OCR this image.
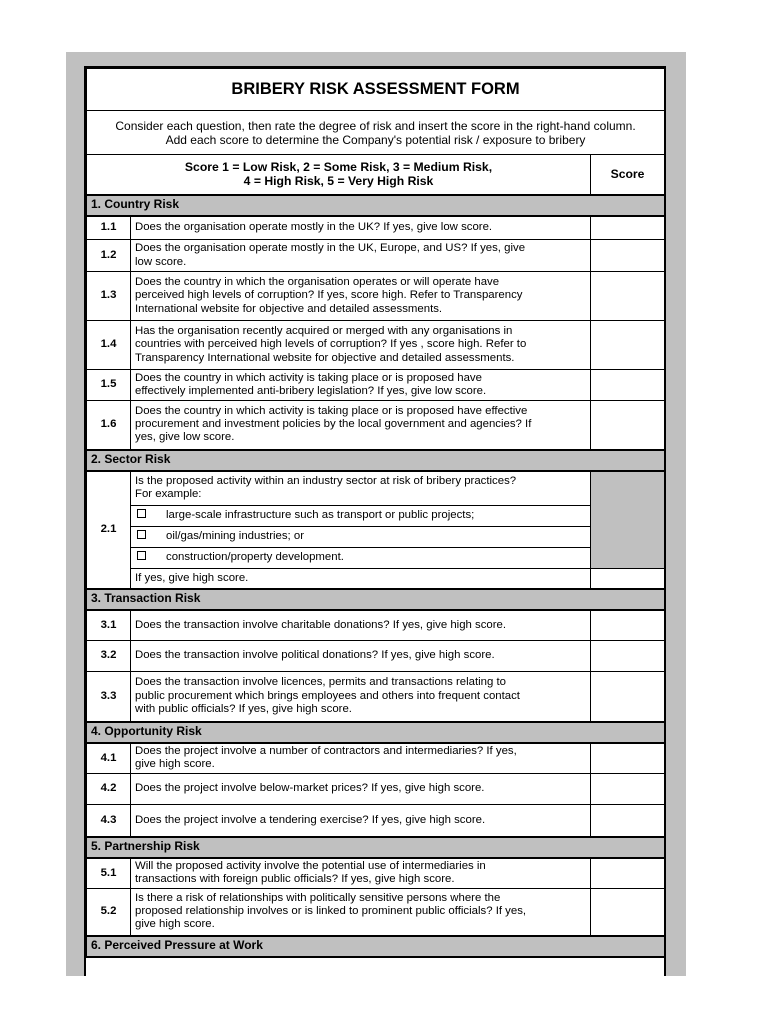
BRIBERY RISK ASSESSMENT FORM		

Consider each question, then rate the degree of risk and insert the score in the right-hand column.
Add each score to determine the Company's potential risk / exposure to bribery		

Score 1 = Low Risk, 2 = Some Risk, 3 = Medium Risk,
4 = High Risk, 5 = Very High Risk		Score
1. Country Risk		
1.1	Does the organisation operate mostly in the UK? If yes, give low score.	

1.2	Does the organisation operate mostly in the UK, Europe, and US? If yes, give
low score.	

1.3	Does the country in which the organisation operates or will operate have
perceived high levels of corruption? If yes, score high. Refer to Transparency
International website for objective and detailed assessments.	

1.4	Has the organisation recently acquired or merged with any organisations in
countries with perceived high levels of corruption? If yes , score high. Refer to
Transparency International website for objective and detailed assessments.	

1.5	Does the country in which activity is taking place or is proposed have
effectively implemented anti-bribery legislation? If yes, give low score.	

1.6	Does the country in which activity is taking place or is proposed have effective
procurement and investment policies by the local government and agencies? If
yes, give low score.	

2. Sector Risk		
2.1	Is the proposed activity within an industry sector at risk of bribery practices?
For example:	

	large-scale infrastructure such as transport or public projects;	
	oil/gas/mining industries; or	
	construction/property development.	
	If yes, give high score.	
3. Transaction Risk		
3.1	Does the transaction involve charitable donations? If yes, give high score.	

3.2	Does the transaction involve political donations? If yes, give high score.	

3.3	Does the transaction involve licences, permits and transactions relating to
public procurement which brings employees and others into frequent contact
with public officials? If yes, give high score.	

4. Opportunity Risk		
4.1	Does the project involve a number of contractors and intermediaries? If yes,
give high score.	

4.2	Does the project involve below-market prices? If yes, give high score.	

4.3	Does the project involve a tendering exercise? If yes, give high score.	

5. Partnership Risk		
5.1	Will the proposed activity involve the potential use of intermediaries in
transactions with foreign public officials? If yes, give high score.	

5.2	Is there a risk of relationships with politically sensitive persons where the
proposed relationship involves or is linked to prominent public officials? If yes,
give high score.	

6. Perceived Pressure at Work		
